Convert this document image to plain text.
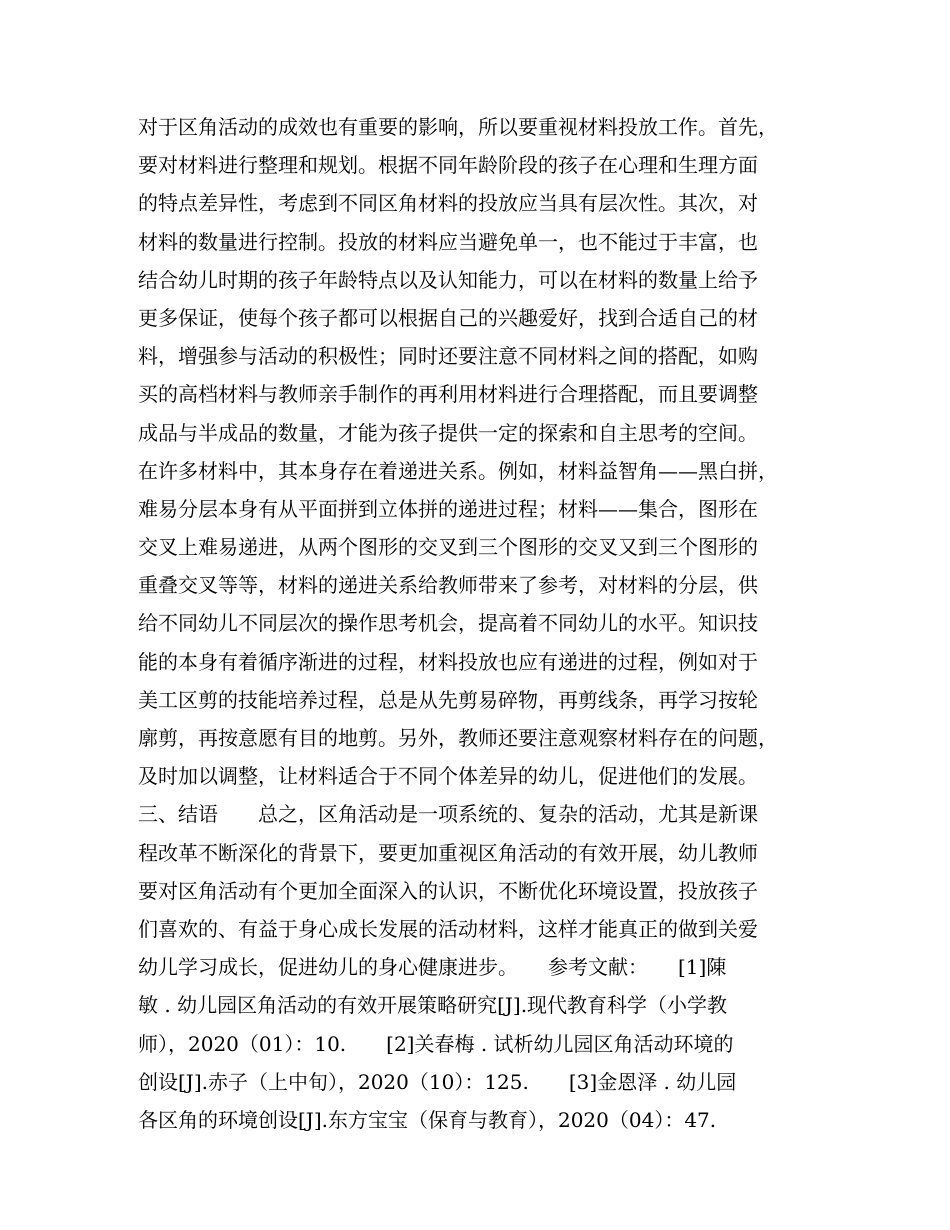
对于区角活动的成效也有重要的影响，所以要重视材料投放工作。首先，
要对材料进行整理和规划。根据不同年龄阶段的孩子在心理和生理方面
的特点差异性，考虑到不同区角材料的投放应当具有层次性。其次，对
材料的数量进行控制。投放的材料应当避免单一，也不能过于丰富，也
结合幼儿时期的孩子年龄特点以及认知能力，可以在材料的数量上给予
更多保证，使每个孩子都可以根据自己的兴趣爱好，找到合适自己的材
料，增强参与活动的积极性；同时还要注意不同材料之间的搭配，如购
买的高档材料与教师亲手制作的再利用材料进行合理搭配，而且要调整
成品与半成品的数量，才能为孩子提供一定的探索和自主思考的空间。
在许多材料中，其本身存在着递进关系。例如，材料益智角——黑白拼，
难易分层本身有从平面拼到立体拼的递进过程；材料——集合，图形在
交叉上难易递进，从两个图形的交叉到三个图形的交叉又到三个图形的
重叠交叉等等，材料的递进关系给教师带来了参考，对材料的分层，供
给不同幼儿不同层次的操作思考机会，提高着不同幼儿的水平。知识技
能的本身有着循序渐进的过程，材料投放也应有递进的过程，例如对于
美工区剪的技能培养过程，总是从先剪易碎物，再剪线条，再学习按轮
廓剪，再按意愿有目的地剪。另外，教师还要注意观察材料存在的问题，
及时加以调整，让材料适合于不同个体差异的幼儿，促进他们的发展。
三、结语　　总之，区角活动是一项系统的、复杂的活动，尤其是新课
程改革不断深化的背景下，要更加重视区角活动的有效开展，幼儿教师
要对区角活动有个更加全面深入的认识，不断优化环境设置，投放孩子
们喜欢的、有益于身心成长发展的活动材料，这样才能真正的做到关爱
幼儿学习成长，促进幼儿的身心健康进步。　　参考文献：　　[1]陳
敏 . 幼儿园区角活动的有效开展策略研究[J].现代教育科学（小学教
师），2020（01）：10.　　[2]关春梅 . 试析幼儿园区角活动环境的
创设[J].赤子（上中旬），2020（10）：125.　　[3]金恩泽 . 幼儿园
各区角的环境创设[J].东方宝宝（保育与教育），2020（04）：47.
